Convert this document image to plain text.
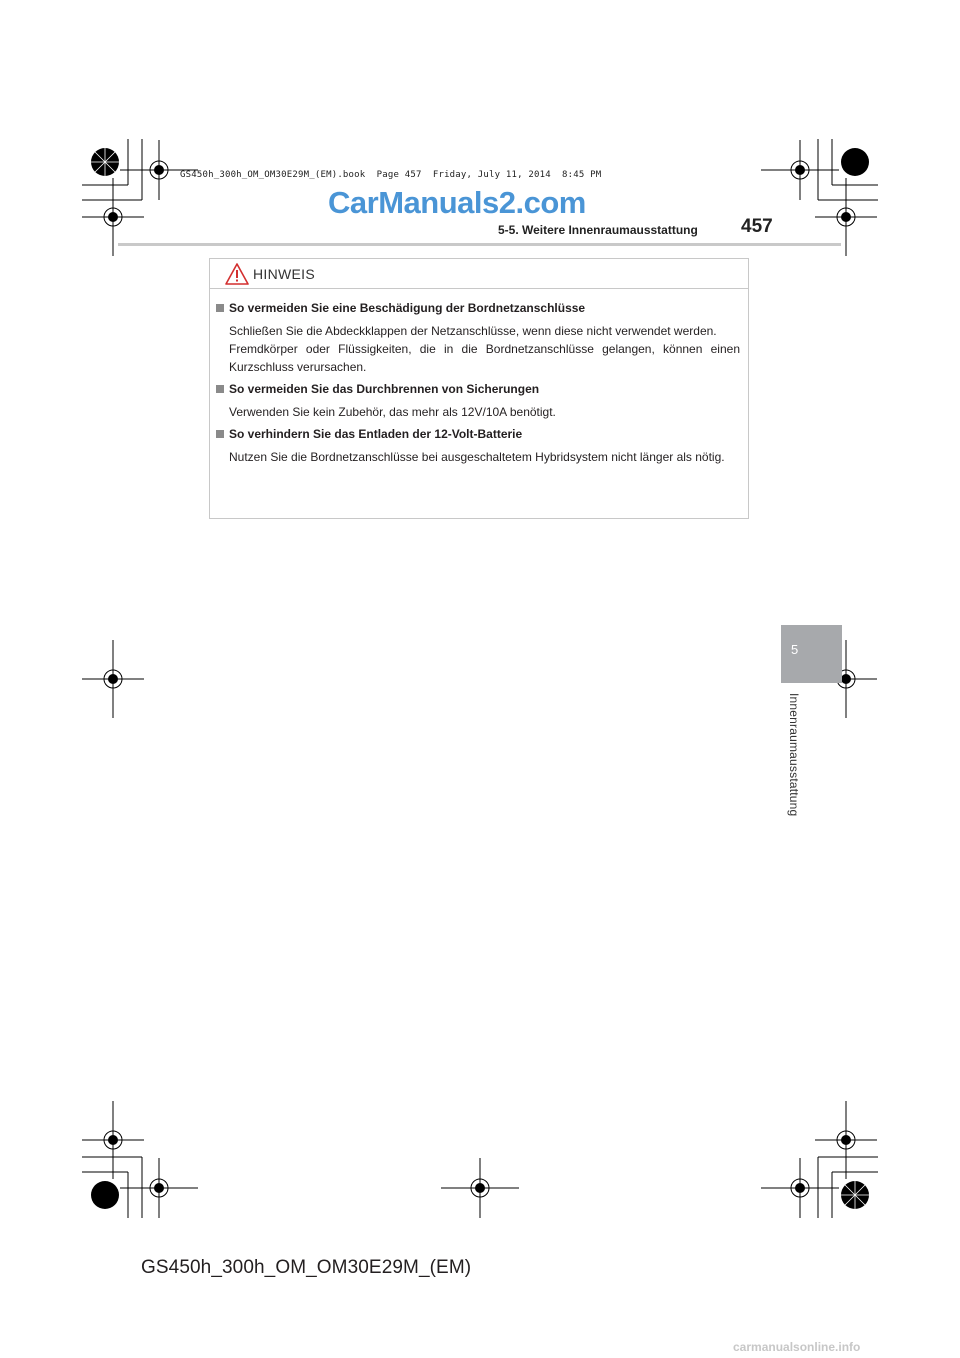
GS450h_300h_OM_OM30E29M_(EM).book  Page 457  Friday, July 11, 2014  8:45 PM
CarManuals2.com
5-5. Weitere Innenraumausstattung 457
HINWEIS
So vermeiden Sie eine Beschädigung der Bordnetzanschlüsse

Schließen Sie die Abdeckklappen der Netzanschlüsse, wenn diese nicht verwendet werden.

Fremdkörper oder Flüssigkeiten, die in die Bordnetzanschlüsse gelangen, können einen Kurzschluss verursachen.

So vermeiden Sie das Durchbrennen von Sicherungen

Verwenden Sie kein Zubehör, das mehr als 12V/10A benötigt.

So verhindern Sie das Entladen der 12-Volt-Batterie

Nutzen Sie die Bordnetzanschlüsse bei ausgeschaltetem Hybridsystem nicht länger als nötig.

5
Innenraumausstattung
GS450h_300h_OM_OM30E29M_(EM)
carmanualsonline.info
